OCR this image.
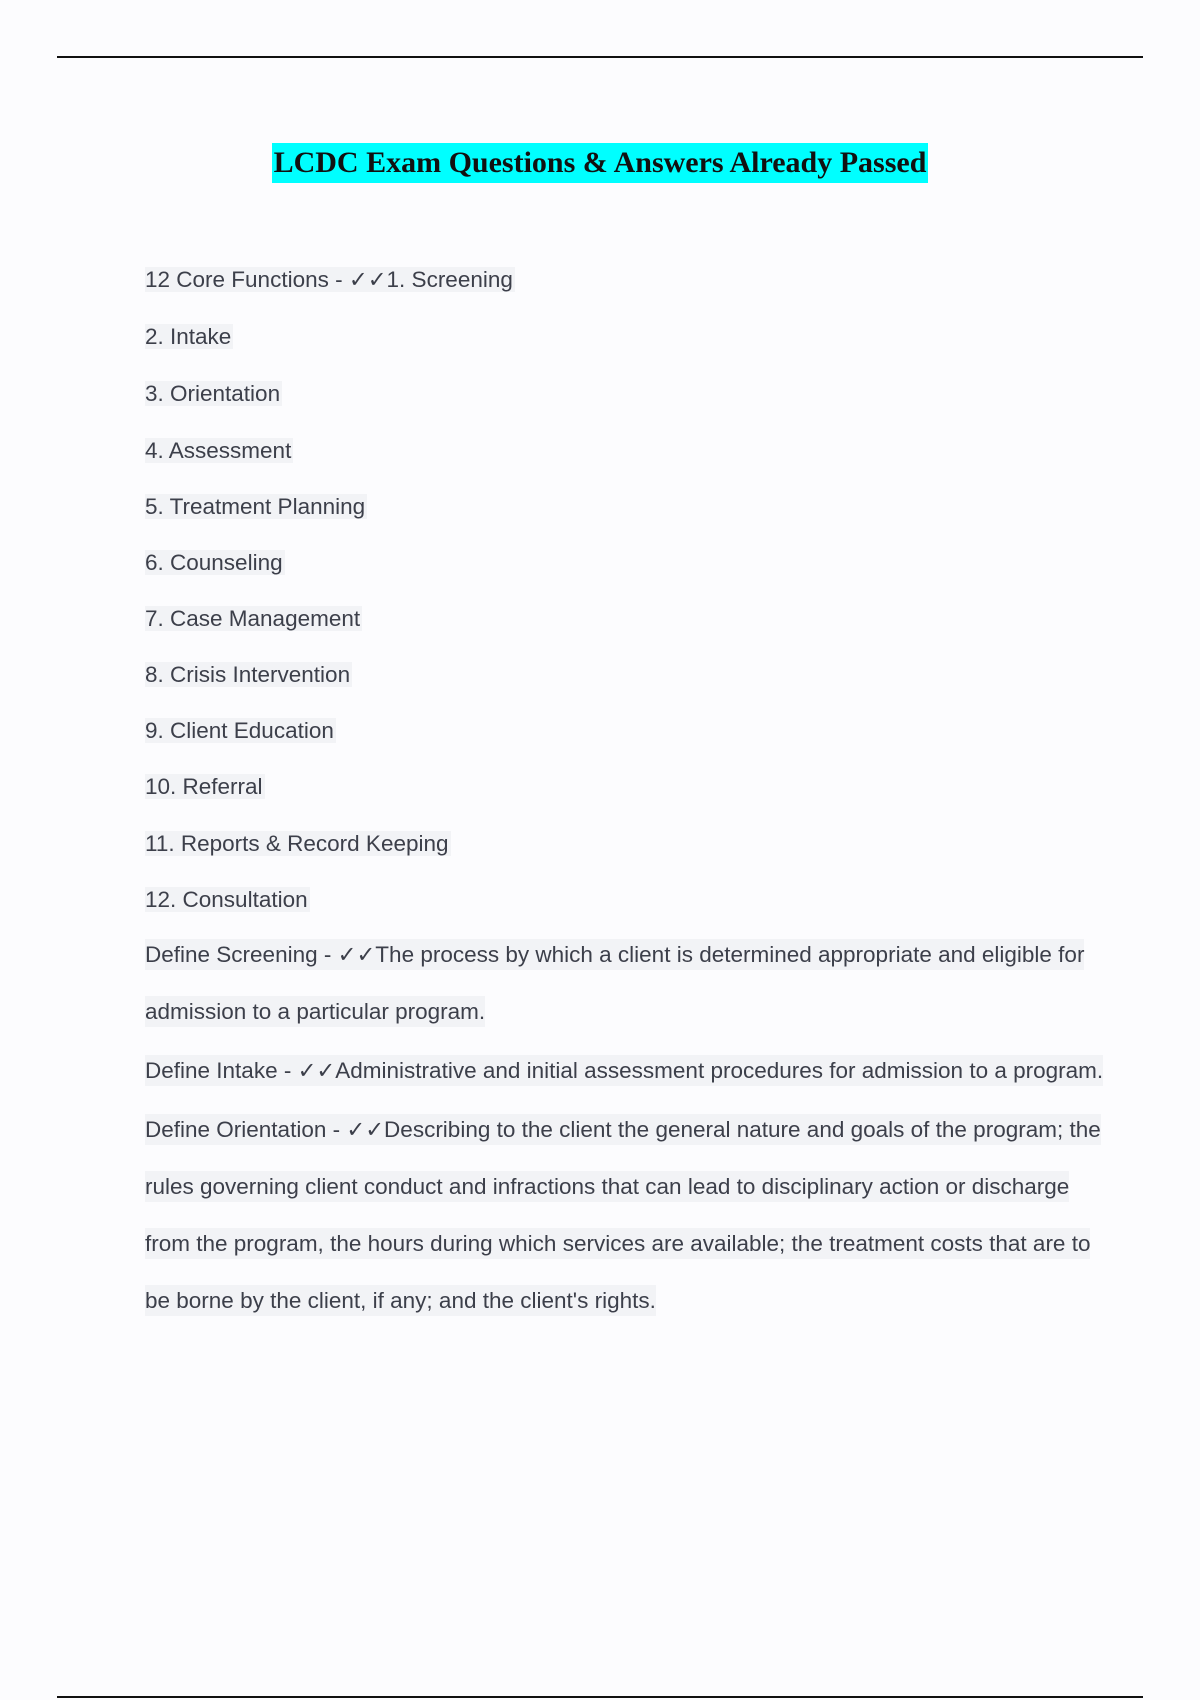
LCDC Exam Questions & Answers Already Passed

12 Core Functions - ✓✓1. Screening

2. Intake

3. Orientation

4. Assessment

5. Treatment Planning

6. Counseling

7. Case Management

8. Crisis Intervention

9. Client Education

10. Referral

11. Reports & Record Keeping

12. Consultation

Define Screening - ✓✓The process by which a client is determined appropriate and eligible for admission to a particular program.

Define Intake - ✓✓Administrative and initial assessment procedures for admission to a program.

Define Orientation - ✓✓Describing to the client the general nature and goals of the program; the rules governing client conduct and infractions that can lead to disciplinary action or discharge from the program, the hours during which services are available; the treatment costs that are to be borne by the client, if any; and the client's rights.
